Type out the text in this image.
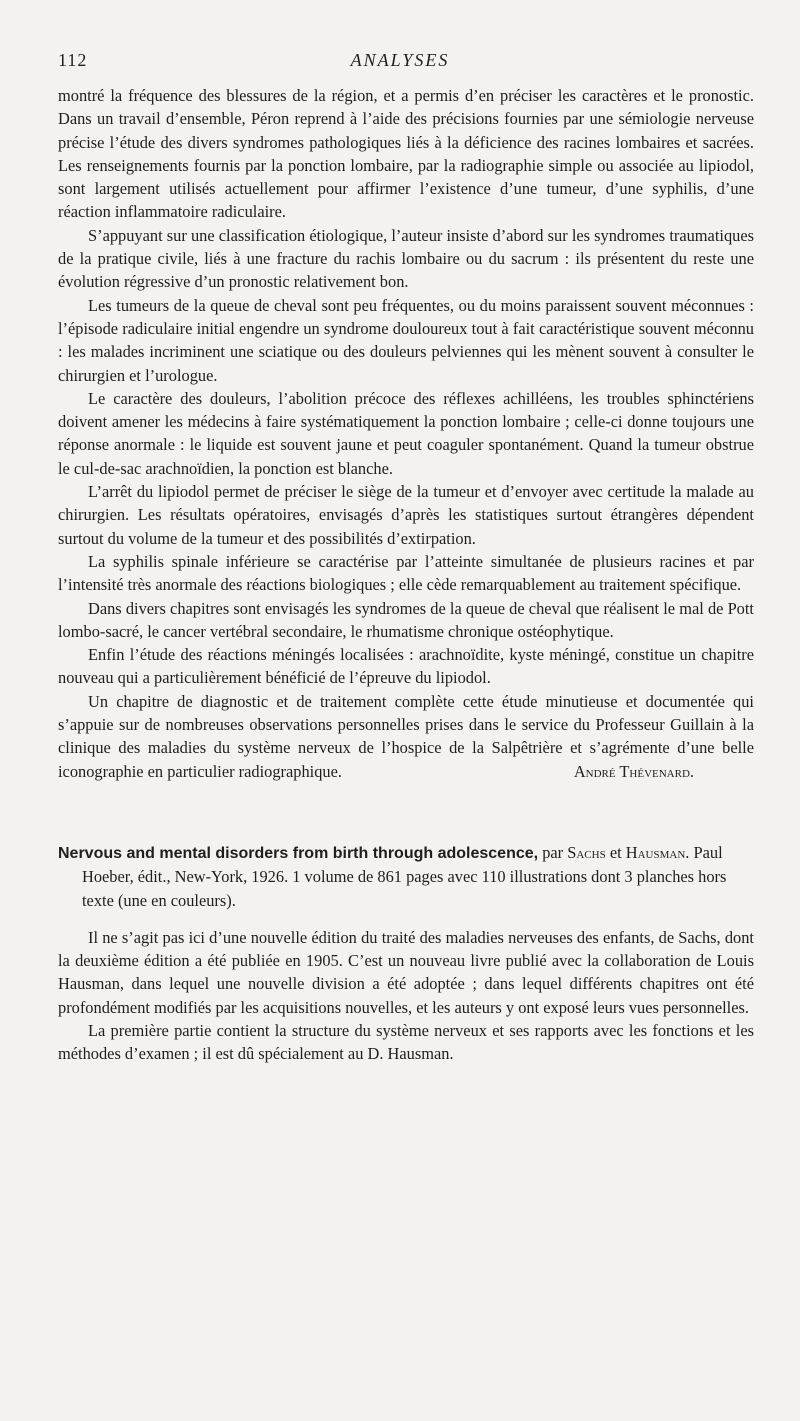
112	ANALYSES

montré la fréquence des blessures de la région, et a permis d’en préciser les caractères et le pronostic. Dans un travail d’ensemble, Péron reprend à l’aide des précisions fournies par une sémiologie nerveuse précise l’étude des divers syndromes pathologiques liés à la déficience des racines lombaires et sacrées. Les renseignements fournis par la ponction lombaire, par la radiographie simple ou associée au lipiodol, sont largement utilisés actuellement pour affirmer l’existence d’une tumeur, d’une syphilis, d’une réaction inflammatoire radiculaire.

S’appuyant sur une classification étiologique, l’auteur insiste d’abord sur les syndromes traumatiques de la pratique civile, liés à une fracture du rachis lombaire ou du sacrum : ils présentent du reste une évolution régressive d’un pronostic relativement bon.

Les tumeurs de la queue de cheval sont peu fréquentes, ou du moins paraissent souvent méconnues : l’épisode radiculaire initial engendre un syndrome douloureux tout à fait caractéristique souvent méconnu : les malades incriminent une sciatique ou des douleurs pelviennes qui les mènent souvent à consulter le chirurgien et l’urologue.

Le caractère des douleurs, l’abolition précoce des réflexes achilléens, les troubles sphinctériens doivent amener les médecins à faire systématiquement la ponction lombaire ; celle-ci donne toujours une réponse anormale : le liquide est souvent jaune et peut coaguler spontanément. Quand la tumeur obstrue le cul-de-sac arachnoïdien, la ponction est blanche.

L’arrêt du lipiodol permet de préciser le siège de la tumeur et d’envoyer avec certitude la malade au chirurgien. Les résultats opératoires, envisagés d’après les statistiques surtout étrangères dépendent surtout du volume de la tumeur et des possibilités d’extirpation.

La syphilis spinale inférieure se caractérise par l’atteinte simultanée de plusieurs racines et par l’intensité très anormale des réactions biologiques ; elle cède remarquablement au traitement spécifique.

Dans divers chapitres sont envisagés les syndromes de la queue de cheval que réalisent le mal de Pott lombo-sacré, le cancer vertébral secondaire, le rhumatisme chronique ostéophytique.

Enfin l’étude des réactions méningés localisées : arachnoïdite, kyste méningé, constitue un chapitre nouveau qui a particulièrement bénéficié de l’épreuve du lipiodol.

Un chapitre de diagnostic et de traitement complète cette étude minutieuse et documentée qui s’appuie sur de nombreuses observations personnelles prises dans le service du Professeur Guillain à la clinique des maladies du système nerveux de l’hospice de la Salpêtrière et s’agrémente d’une belle iconographie en particulier radiographique.	André Thévenard.

Nervous and mental disorders from birth through adolescence, par Sachs et Hausman. Paul Hoeber, édit., New-York, 1926. 1 volume de 861 pages avec 110 illustrations dont 3 planches hors texte (une en couleurs).

Il ne s’agit pas ici d’une nouvelle édition du traité des maladies nerveuses des enfants, de Sachs, dont la deuxième édition a été publiée en 1905. C’est un nouveau livre publié avec la collaboration de Louis Hausman, dans lequel une nouvelle division a été adoptée ; dans lequel différents chapitres ont été profondément modifiés par les acquisitions nouvelles, et les auteurs y ont exposé leurs vues personnelles.

La première partie contient la structure du système nerveux et ses rapports avec les fonctions et les méthodes d’examen ; il est dû spécialement au D. Hausman.
